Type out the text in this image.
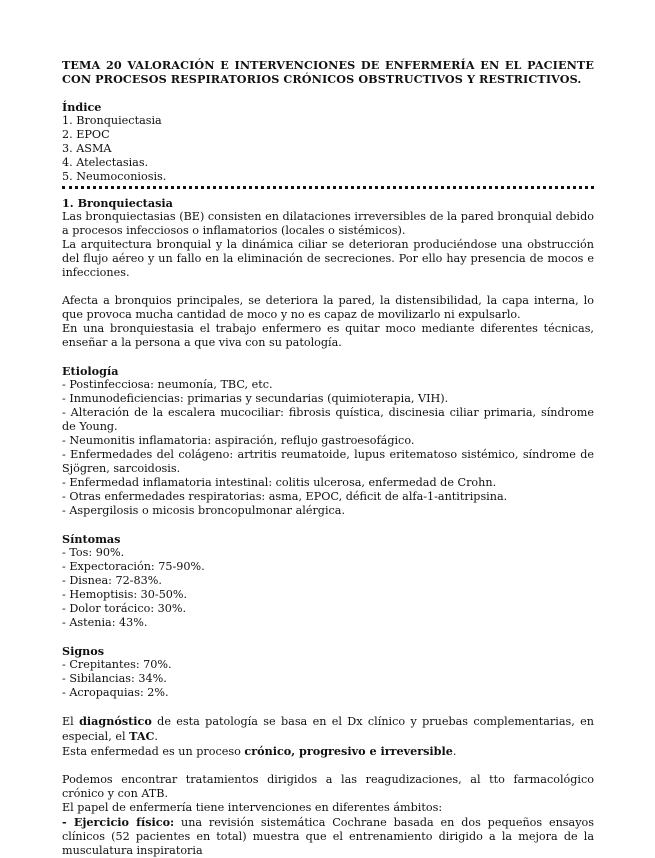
TEMA 20 VALORACIÓN E INTERVENCIONES DE ENFERMERÍA EN EL PACIENTE CON PROCESOS RESPIRATORIOS CRÓNICOS OBSTRUCTIVOS Y RESTRICTIVOS.
Índice
1. Bronquiectasia
2. EPOC
3. ASMA
4. Atelectasias.
5. Neumoconiosis.
1. Bronquiectasia
Las bronquiectasias (BE) consisten en dilataciones irreversibles de la pared bronquial debido a procesos infecciosos o inflamatorios (locales o sistémicos).
La arquitectura bronquial y la dinámica ciliar se deterioran produciéndose una obstrucción del flujo aéreo y un fallo en la eliminación de secreciones. Por ello hay presencia de mocos e infecciones.
Afecta a bronquios principales, se deteriora la pared, la distensibilidad, la capa interna, lo que provoca mucha cantidad de moco y no es capaz de movilizarlo ni expulsarlo.
En una bronquiestasia el trabajo enfermero es quitar moco mediante diferentes técnicas, enseñar a la persona a que viva con su patología.
Etiología
- Postinfecciosa: neumonía, TBC, etc.
- Inmunodeficiencias: primarias y secundarias (quimioterapia, VIH).
- Alteración de la escalera mucociliar: fibrosis quística, discinesia ciliar primaria, síndrome de Young.
- Neumonitis inflamatoria: aspiración, reflujo gastroesofágico.
- Enfermedades del colágeno: artritis reumatoide, lupus eritematoso sistémico, síndrome de Sjögren, sarcoidosis.
- Enfermedad inflamatoria intestinal: colitis ulcerosa, enfermedad de Crohn.
- Otras enfermedades respiratorias: asma, EPOC, déficit de alfa-1-antitripsina.
- Aspergilosis o micosis broncopulmonar alérgica.
Síntomas
- Tos: 90%.
- Expectoración: 75-90%.
- Disnea: 72-83%.
- Hemoptisis: 30-50%.
- Dolor torácico: 30%.
- Astenia: 43%.
Signos
- Crepitantes: 70%.
- Sibilancias: 34%.
- Acropaquias: 2%.
El diagnóstico de esta patología se basa en el Dx clínico y pruebas complementarias, en especial, el TAC.
Esta enfermedad es un proceso crónico, progresivo e irreversible.
Podemos encontrar tratamientos dirigidos a las reagudizaciones, al tto farmacológico crónico y con ATB.
El papel de enfermería tiene intervenciones en diferentes ámbitos:
- Ejercicio físico: una revisión sistemática Cochrane basada en dos pequeños ensayos clínicos (52 pacientes en total) muestra que el entrenamiento dirigido a la mejora de la musculatura inspiratoria
